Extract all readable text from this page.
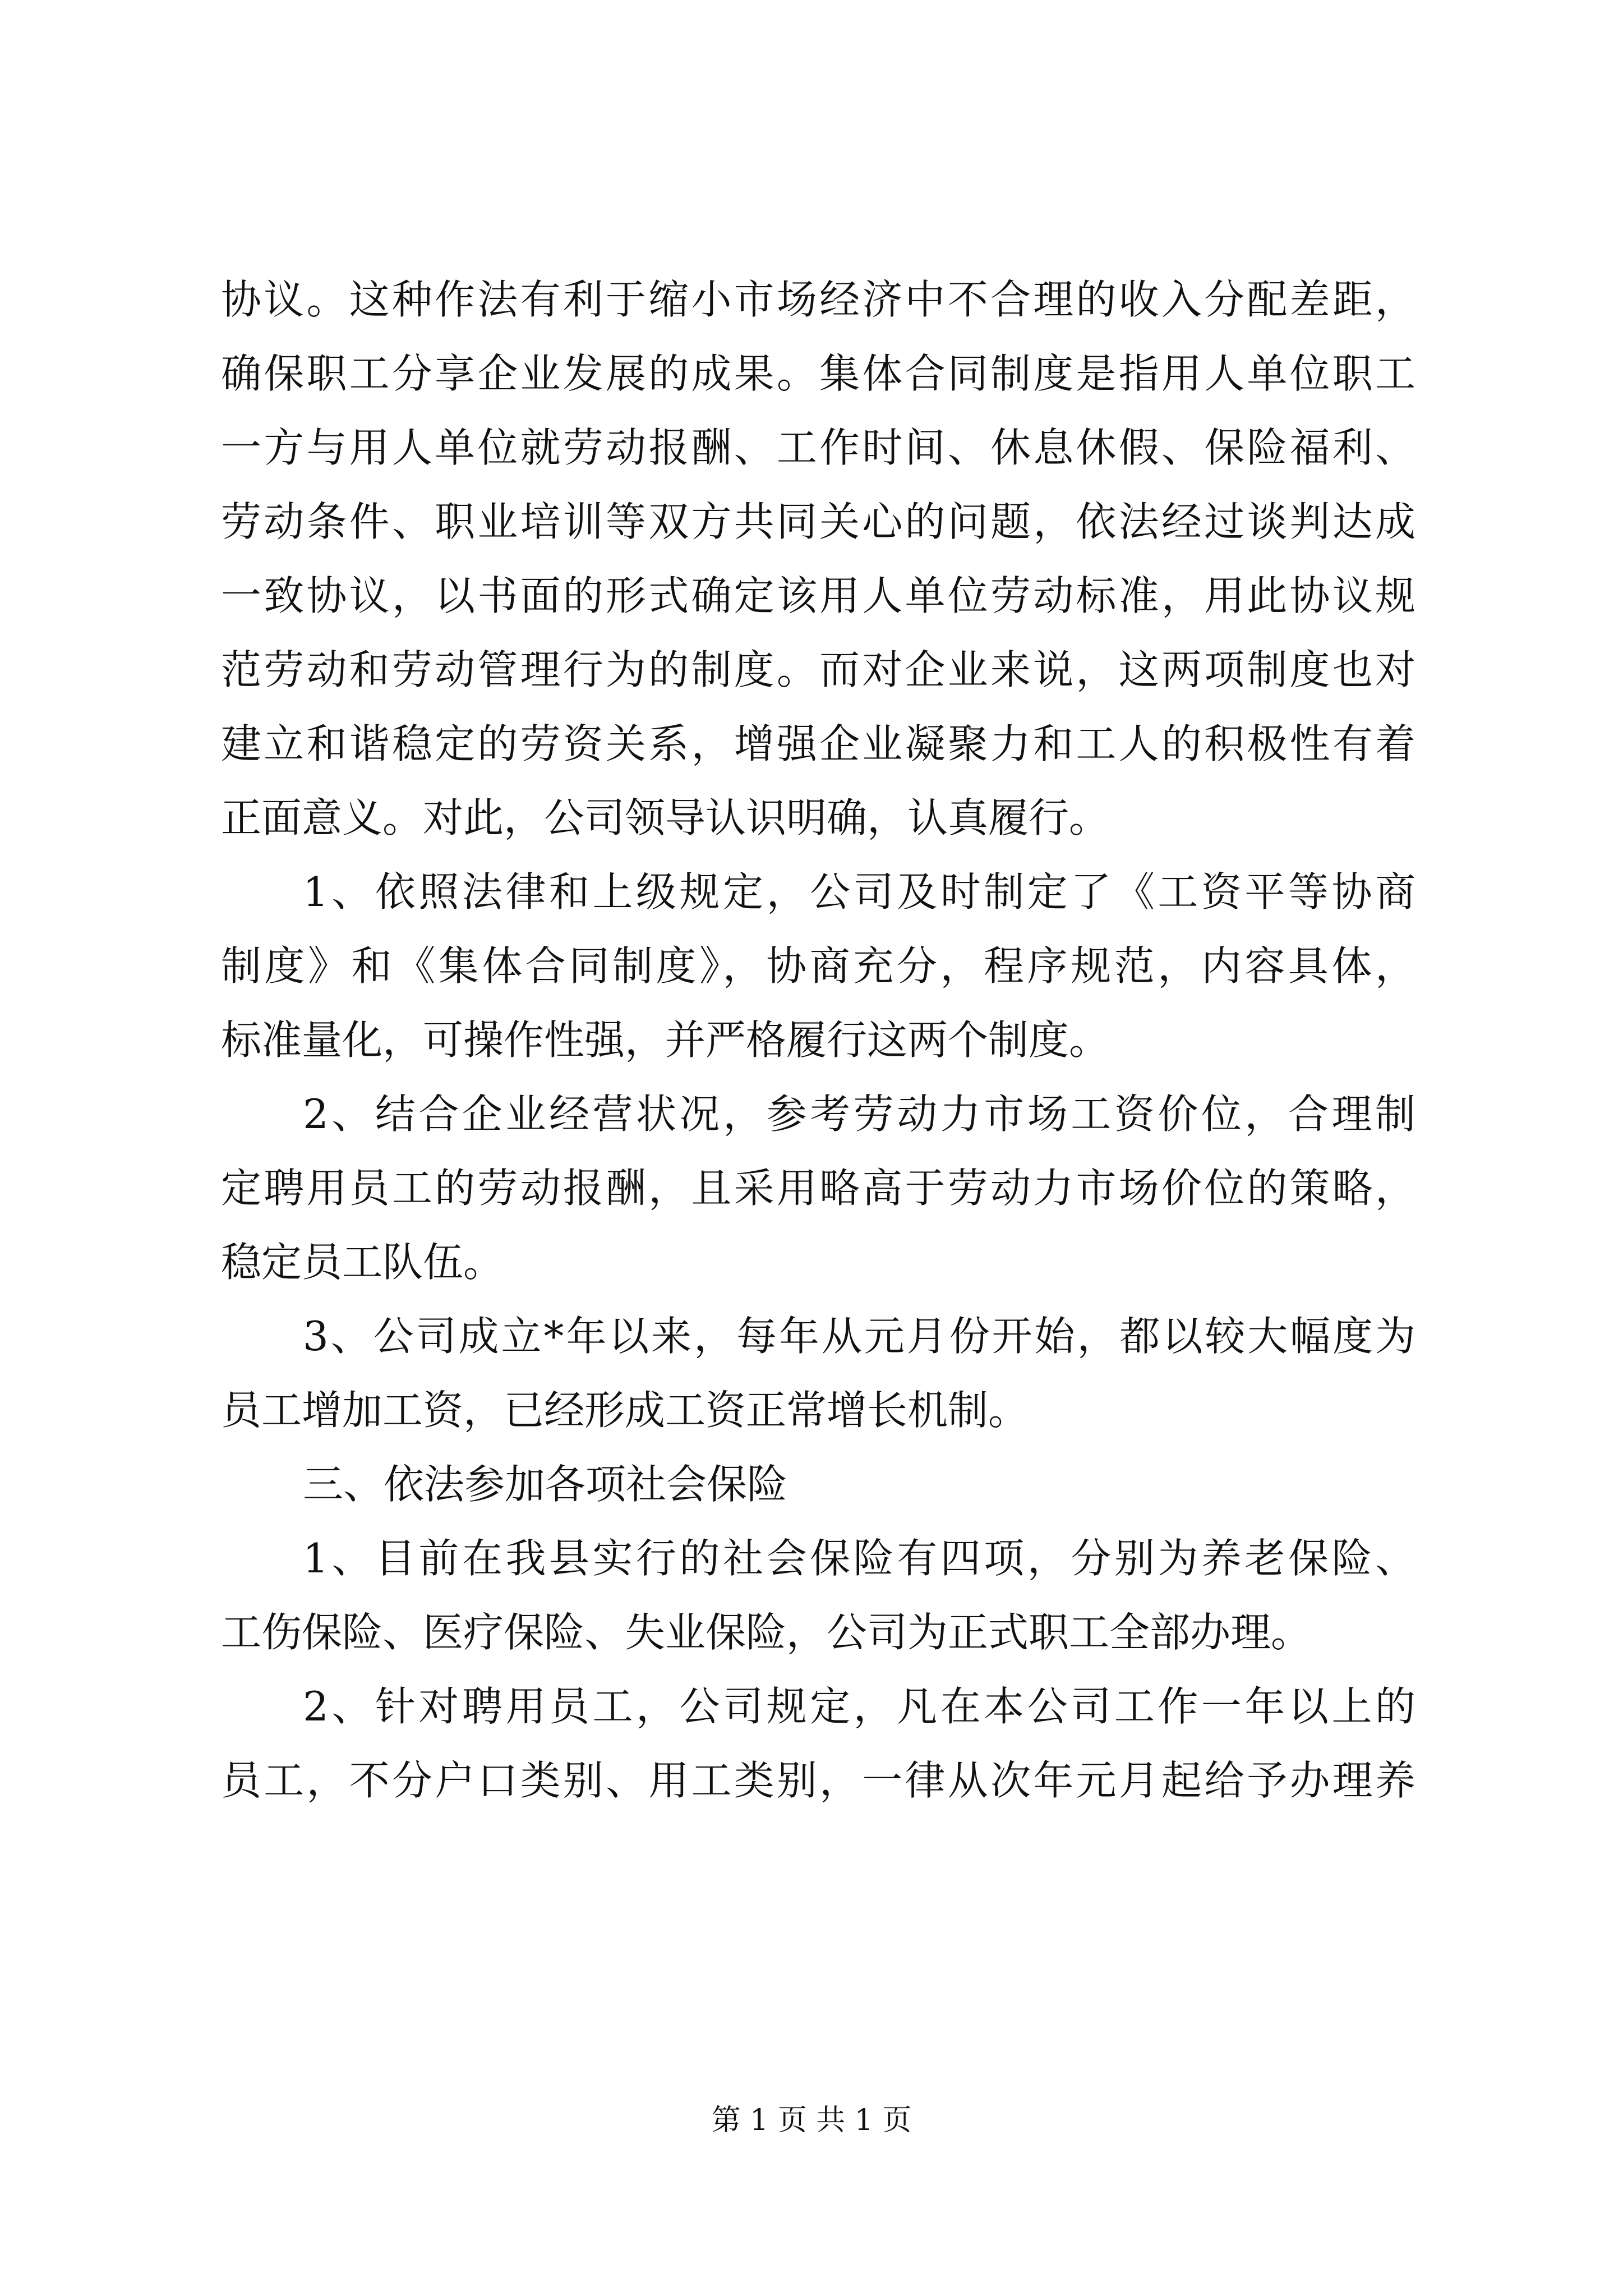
协议。这种作法有利于缩小市场经济中不合理的收入分配差距，
确保职工分享企业发展的成果。集体合同制度是指用人单位职工
一方与用人单位就劳动报酬、工作时间、休息休假、保险福利、
劳动条件、职业培训等双方共同关心的问题，依法经过谈判达成
一致协议，以书面的形式确定该用人单位劳动标准，用此协议规
范劳动和劳动管理行为的制度。而对企业来说，这两项制度也对
建立和谐稳定的劳资关系，增强企业凝聚力和工人的积极性有着
正面意义。对此，公司领导认识明确，认真履行。
1、依照法律和上级规定，公司及时制定了《工资平等协商
制度》和《集体合同制度》，协商充分，程序规范，内容具体，
标准量化，可操作性强，并严格履行这两个制度。
2、结合企业经营状况，参考劳动力市场工资价位，合理制
定聘用员工的劳动报酬，且采用略高于劳动力市场价位的策略，
稳定员工队伍。
3、公司成立*年以来，每年从元月份开始，都以较大幅度为
员工增加工资，已经形成工资正常增长机制。
三、依法参加各项社会保险
1、目前在我县实行的社会保险有四项，分别为养老保险、
工伤保险、医疗保险、失业保险，公司为正式职工全部办理。
2、针对聘用员工，公司规定，凡在本公司工作一年以上的
员工，不分户口类别、用工类别，一律从次年元月起给予办理养
第 1 页 共 1 页
